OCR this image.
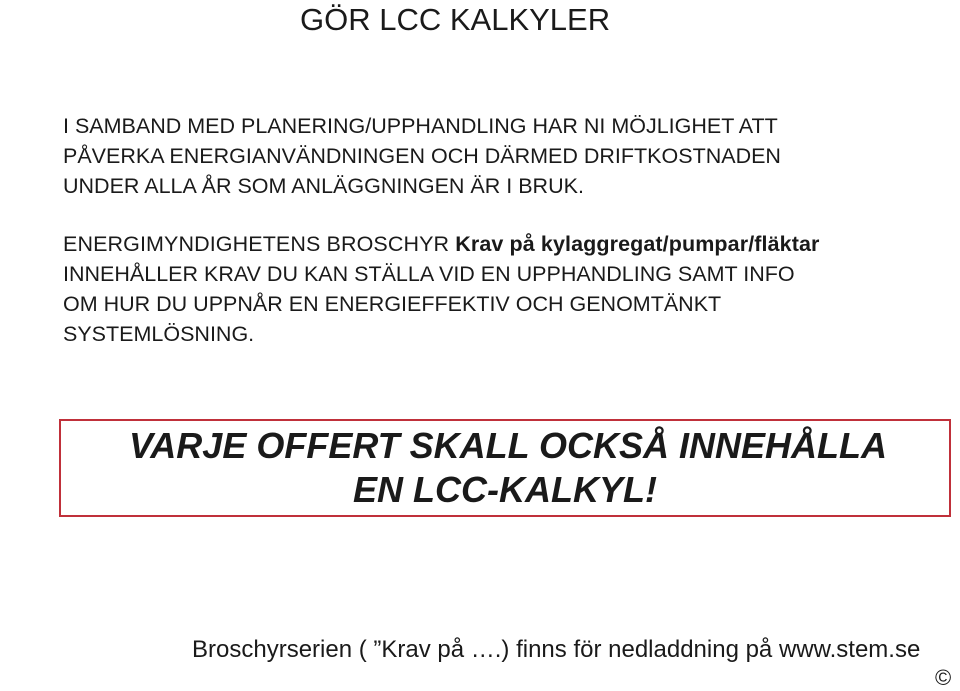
GÖR LCC KALKYLER
I SAMBAND MED PLANERING/UPPHANDLING HAR NI MÖJLIGHET ATT
PÅVERKA ENERGIANVÄNDNINGEN OCH DÄRMED DRIFTKOSTNADEN
UNDER ALLA ÅR SOM ANLÄGGNINGEN ÄR I BRUK.
ENERGIMYNDIGHETENS BROSCHYR Krav på kylaggregat/pumpar/fläktar
INNEHÅLLER KRAV DU KAN STÄLLA VID EN UPPHANDLING SAMT INFO
OM HUR DU UPPNÅR EN ENERGIEFFEKTIV OCH GENOMTÄNKT
SYSTEMLÖSNING.
VARJE OFFERT SKALL OCKSÅ INNEHÅLLA
EN LCC-KALKYL!
Broschyrserien ( ”Krav på ….) finns för nedladdning på www.stem.se
©
